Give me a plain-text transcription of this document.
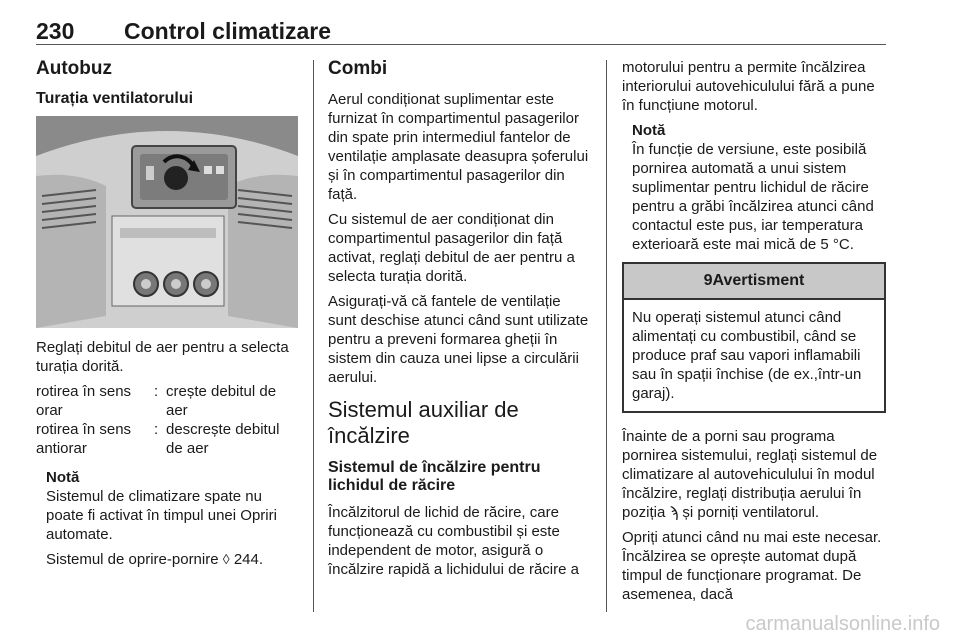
230 Control climatizare
Autobuz
Turația ventilatorului

Reglați debitul de aer pentru a selecta turația dorită.

rotirea în sens orar
: crește debitul de aer
rotirea în sens antiorar
: descrește debitul de aer
Notă

Sistemul de climatizare spate nu poate fi activat în timpul unei Opriri automate.

Sistemul de oprire-pornire ◊ 244.

Combi

Aerul condiționat suplimentar este furnizat în compartimentul pasagerilor din spate prin intermediul fantelor de ventilație amplasate deasupra șoferului și în compartimentul pasagerilor din față.

Cu sistemul de aer condiționat din compartimentul pasagerilor din față activat, reglați debitul de aer pentru a selecta turația dorită.

Asigurați-vă că fantele de ventilație sunt deschise atunci când sunt utilizate pentru a preveni formarea gheții în sistem din cauza unei lipse a circulării aerului.

Sistemul auxiliar de încălzire
Sistemul de încălzire pentru lichidul de răcire

Încălzitorul de lichid de răcire, care funcționează cu combustibil și este independent de motor, asigură o încălzire rapidă a lichidului de răcire a

motorului pentru a permite încălzirea interiorului autovehiculului fără a pune în funcțiune motorul.

Notă

În funcție de versiune, este posibilă pornirea automată a unui sistem suplimentar pentru lichidul de răcire pentru a grăbi încălzirea atunci când contactul este pus, iar temperatura exterioară este mai mică de 5 °C.

9Avertisment
Nu operați sistemul atunci când alimentați cu combustibil, când se produce praf sau vapori inflamabili sau în spații închise (de ex.,într-un garaj).

Înainte de a porni sau programa pornirea sistemului, reglați sistemul de climatizare al autovehiculului în modul încălzire, reglați distribuția aerului în poziția ϡ și porniți ventilatorul.

Opriți atunci când nu mai este necesar. Încălzirea se oprește automat după timpul de funcționare programat. De asemenea, dacă

carmanualsonline.info
